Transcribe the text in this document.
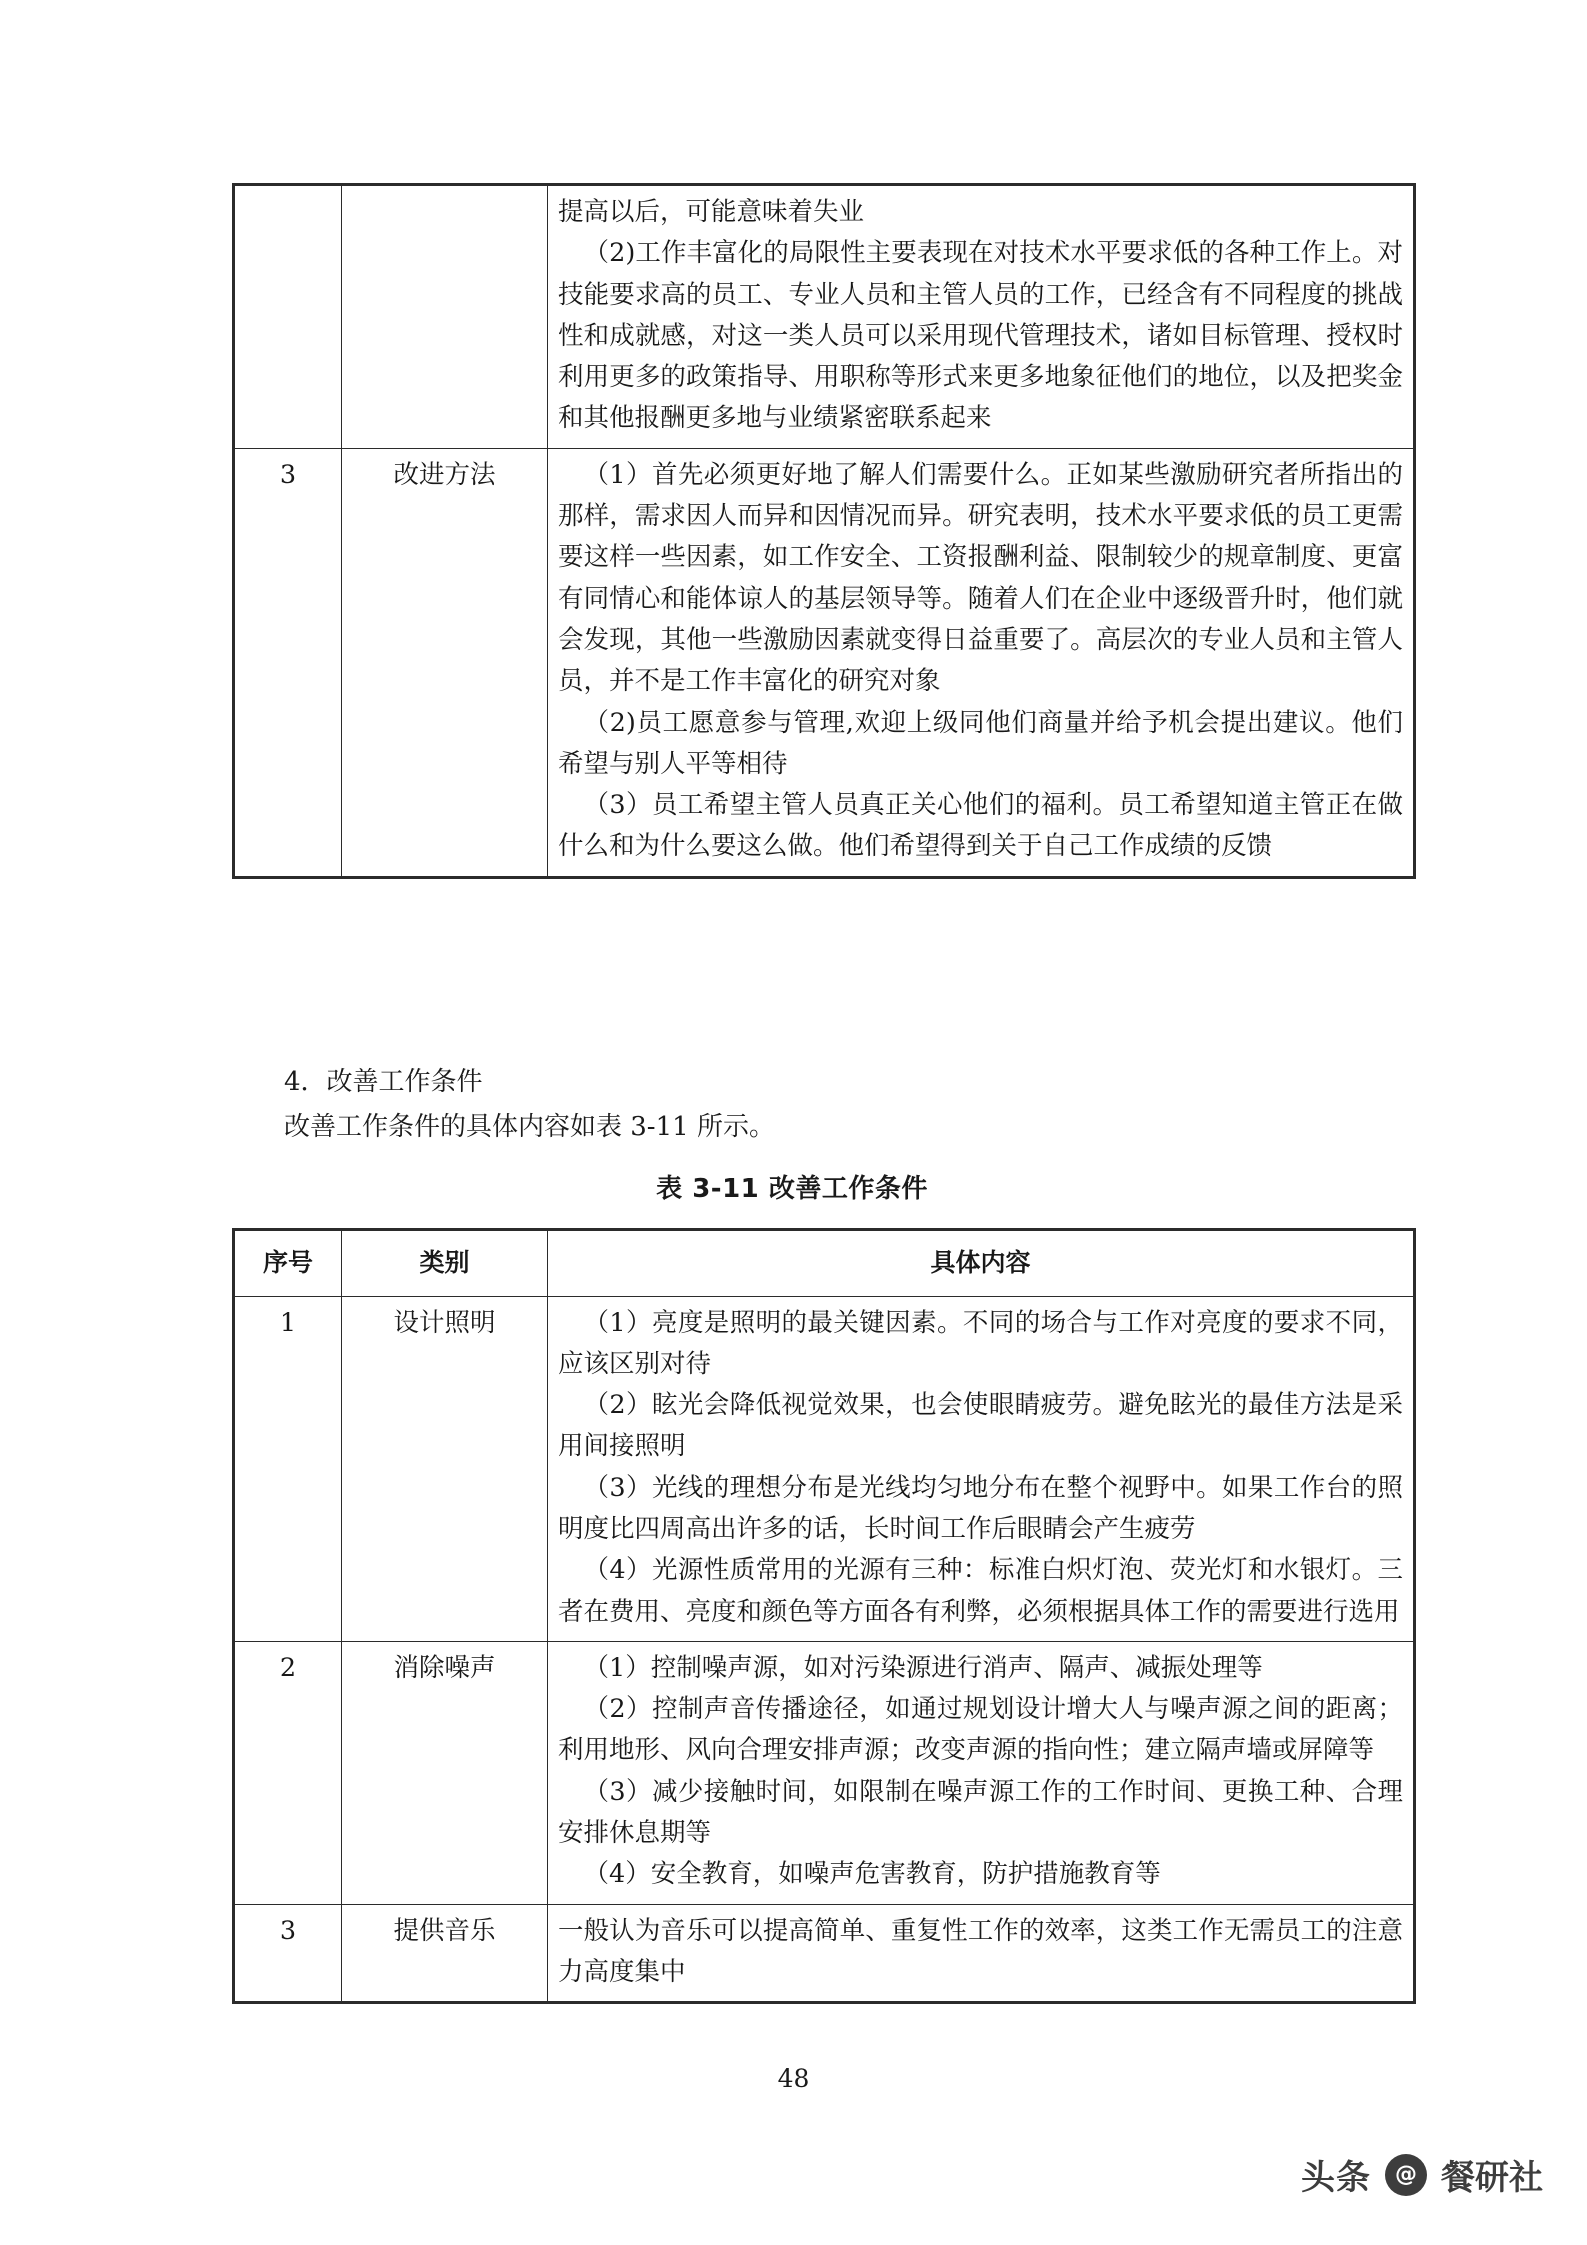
		提高以后，可能意味着失业

（2)工作丰富化的局限性主要表现在对技术水平要求低的各种工作上。对技能要求高的员工、专业人员和主管人员的工作，已经含有不同程度的挑战性和成就感，对这一类人员可以采用现代管理技术，诸如目标管理、授权时利用更多的政策指导、用职称等形式来更多地象征他们的地位，以及把奖金和其他报酬更多地与业绩紧密联系起来

3	改进方法	（1）首先必须更好地了解人们需要什么。正如某些激励研究者所指出的那样，需求因人而异和因情况而异。研究表明，技术水平要求低的员工更需要这样一些因素，如工作安全、工资报酬利益、限制较少的规章制度、更富有同情心和能体谅人的基层领导等。随着人们在企业中逐级晋升时，他们就会发现，其他一些激励因素就变得日益重要了。高层次的专业人员和主管人员，并不是工作丰富化的研究对象

（2)员工愿意参与管理,欢迎上级同他们商量并给予机会提出建议。他们希望与别人平等相待

（3）员工希望主管人员真正关心他们的福利。员工希望知道主管正在做什么和为什么要这么做。他们希望得到关于自己工作成绩的反馈

4．改善工作条件

改善工作条件的具体内容如表 3-11 所示。

表 3-11 改善工作条件
序号	类别	具体内容
1	设计照明	（1）亮度是照明的最关键因素。不同的场合与工作对亮度的要求不同，应该区别对待

（2）眩光会降低视觉效果，也会使眼睛疲劳。避免眩光的最佳方法是采用间接照明

（3）光线的理想分布是光线均匀地分布在整个视野中。如果工作台的照明度比四周高出许多的话，长时间工作后眼睛会产生疲劳

（4）光源性质常用的光源有三种：标准白炽灯泡、荧光灯和水银灯。三者在费用、亮度和颜色等方面各有利弊，必须根据具体工作的需要进行选用

2	消除噪声	（1）控制噪声源，如对污染源进行消声、隔声、减振处理等

（2）控制声音传播途径，如通过规划设计增大人与噪声源之间的距离；利用地形、风向合理安排声源；改变声源的指向性；建立隔声墙或屏障等

（3）减少接触时间，如限制在噪声源工作的工作时间、更换工种、合理安排休息期等

（4）安全教育，如噪声危害教育，防护措施教育等

3	提供音乐	一般认为音乐可以提高简单、重复性工作的效率，这类工作无需员工的注意力高度集中

48
头条	@ 餐研社
